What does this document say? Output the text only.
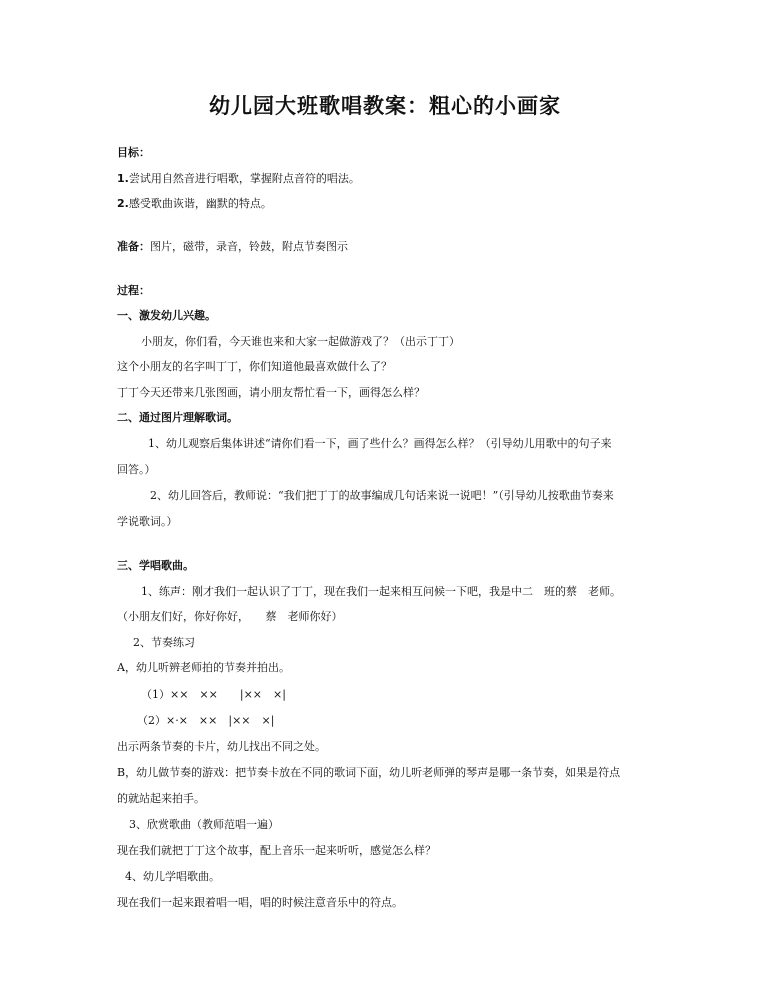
幼儿园大班歌唱教案：粗心的小画家
目标：
1.尝试用自然音进行唱歌，掌握附点音符的唱法。
2.感受歌曲诙谐，幽默的特点。
准备：图片，磁带，录音，铃鼓，附点节奏图示
过程：
一、激发幼儿兴趣。
小朋友，你们看，今天谁也来和大家一起做游戏了？（出示丁丁）
这个小朋友的名字叫丁丁，你们知道他最喜欢做什么了？
丁丁今天还带来几张图画，请小朋友帮忙看一下，画得怎么样？
二、通过图片理解歌词。
1、幼儿观察后集体讲述“请你们看一下，画了些什么？画得怎么样？（引导幼儿用歌中的句子来
回答。）
2、幼儿回答后，教师说：“我们把丁丁的故事编成几句话来说一说吧！”（引导幼儿按歌曲节奏来
学说歌词。）
三、学唱歌曲。
1、练声：刚才我们一起认识了丁丁，现在我们一起来相互问候一下吧，我是中二　班的蔡　老师。
（小朋友们好，你好你好，　　蔡　老师你好）
2、节奏练习
A，幼儿听辨老师拍的节奏并拍出。
（1）××　××　　|××　×|
（2）×·×　××　|××　×|
出示两条节奏的卡片，幼儿找出不同之处。
B，幼儿做节奏的游戏：把节奏卡放在不同的歌词下面，幼儿听老师弹的琴声是哪一条节奏，如果是符点
的就站起来拍手。
3、欣赏歌曲（教师范唱一遍）
现在我们就把丁丁这个故事，配上音乐一起来听听，感觉怎么样？
4、幼儿学唱歌曲。
现在我们一起来跟着唱一唱，唱的时候注意音乐中的符点。
